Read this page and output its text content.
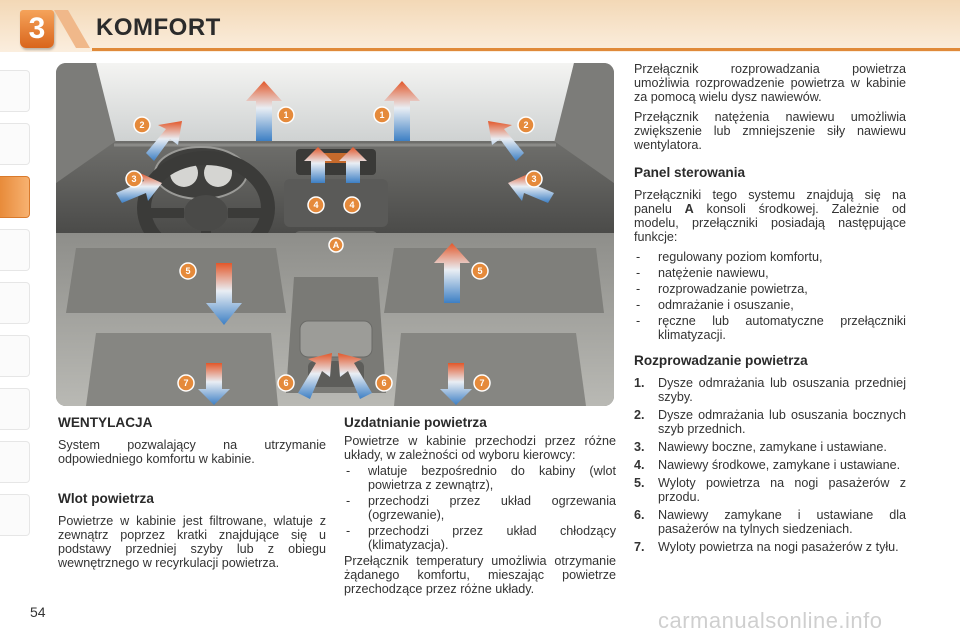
3	KOMFORT
1	1
2	2
3	3
4	4
5	5
6	6
7	7
A
WENTYLACJA

System pozwalający na utrzymanie odpowiedniego komfortu w kabinie.

Wlot powietrza

Powietrze w kabinie jest filtrowane, wlatuje z zewnątrz poprzez kratki znajdujące się u podstawy przedniej szyby lub z obiegu wewnętrznego w recyrkulacji powietrza.

Uzdatnianie powietrza

Powietrze w kabinie przechodzi przez różne układy, w zależności od wyboru kierowcy:

- wlatuje bezpośrednio do kabiny (wlot powietrza z zewnątrz),
- przechodzi przez układ ogrzewania (ogrzewanie),
- przechodzi przez układ chłodzący (klimatyzacja).

Przełącznik temperatury umożliwia otrzymanie żądanego komfortu, mieszając powietrze przechodzące przez różne układy.

Przełącznik rozprowadzania powietrza umożliwia rozprowadzenie powietrza w kabinie za pomocą wielu dysz nawiewów.

Przełącznik natężenia nawiewu umożliwia zwiększenie lub zmniejszenie siły nawiewu wentylatora.

Panel sterowania

Przełączniki tego systemu znajdują się na panelu A konsoli środkowej. Zależnie od modelu, przełączniki posiadają następujące funkcje:

- regulowany poziom komfortu,
- natężenie nawiewu,
- rozprowadzanie powietrza,
- odmrażanie i osuszanie,
- ręczne lub automatyczne przełączniki klimatyzacji.
Rozprowadzanie powietrza
1. Dysze odmrażania lub osuszania przedniej szyby.
2. Dysze odmrażania lub osuszania bocznych szyb przednich.
3. Nawiewy boczne, zamykane i ustawiane.
4. Nawiewy środkowe, zamykane i ustawiane.
5. Wyloty powietrza na nogi pasażerów z przodu.
6. Nawiewy zamykane i ustawiane dla pasażerów na tylnych siedzeniach.
7. Wyloty powietrza na nogi pasażerów z tyłu.
54	carmanualsonline.info
